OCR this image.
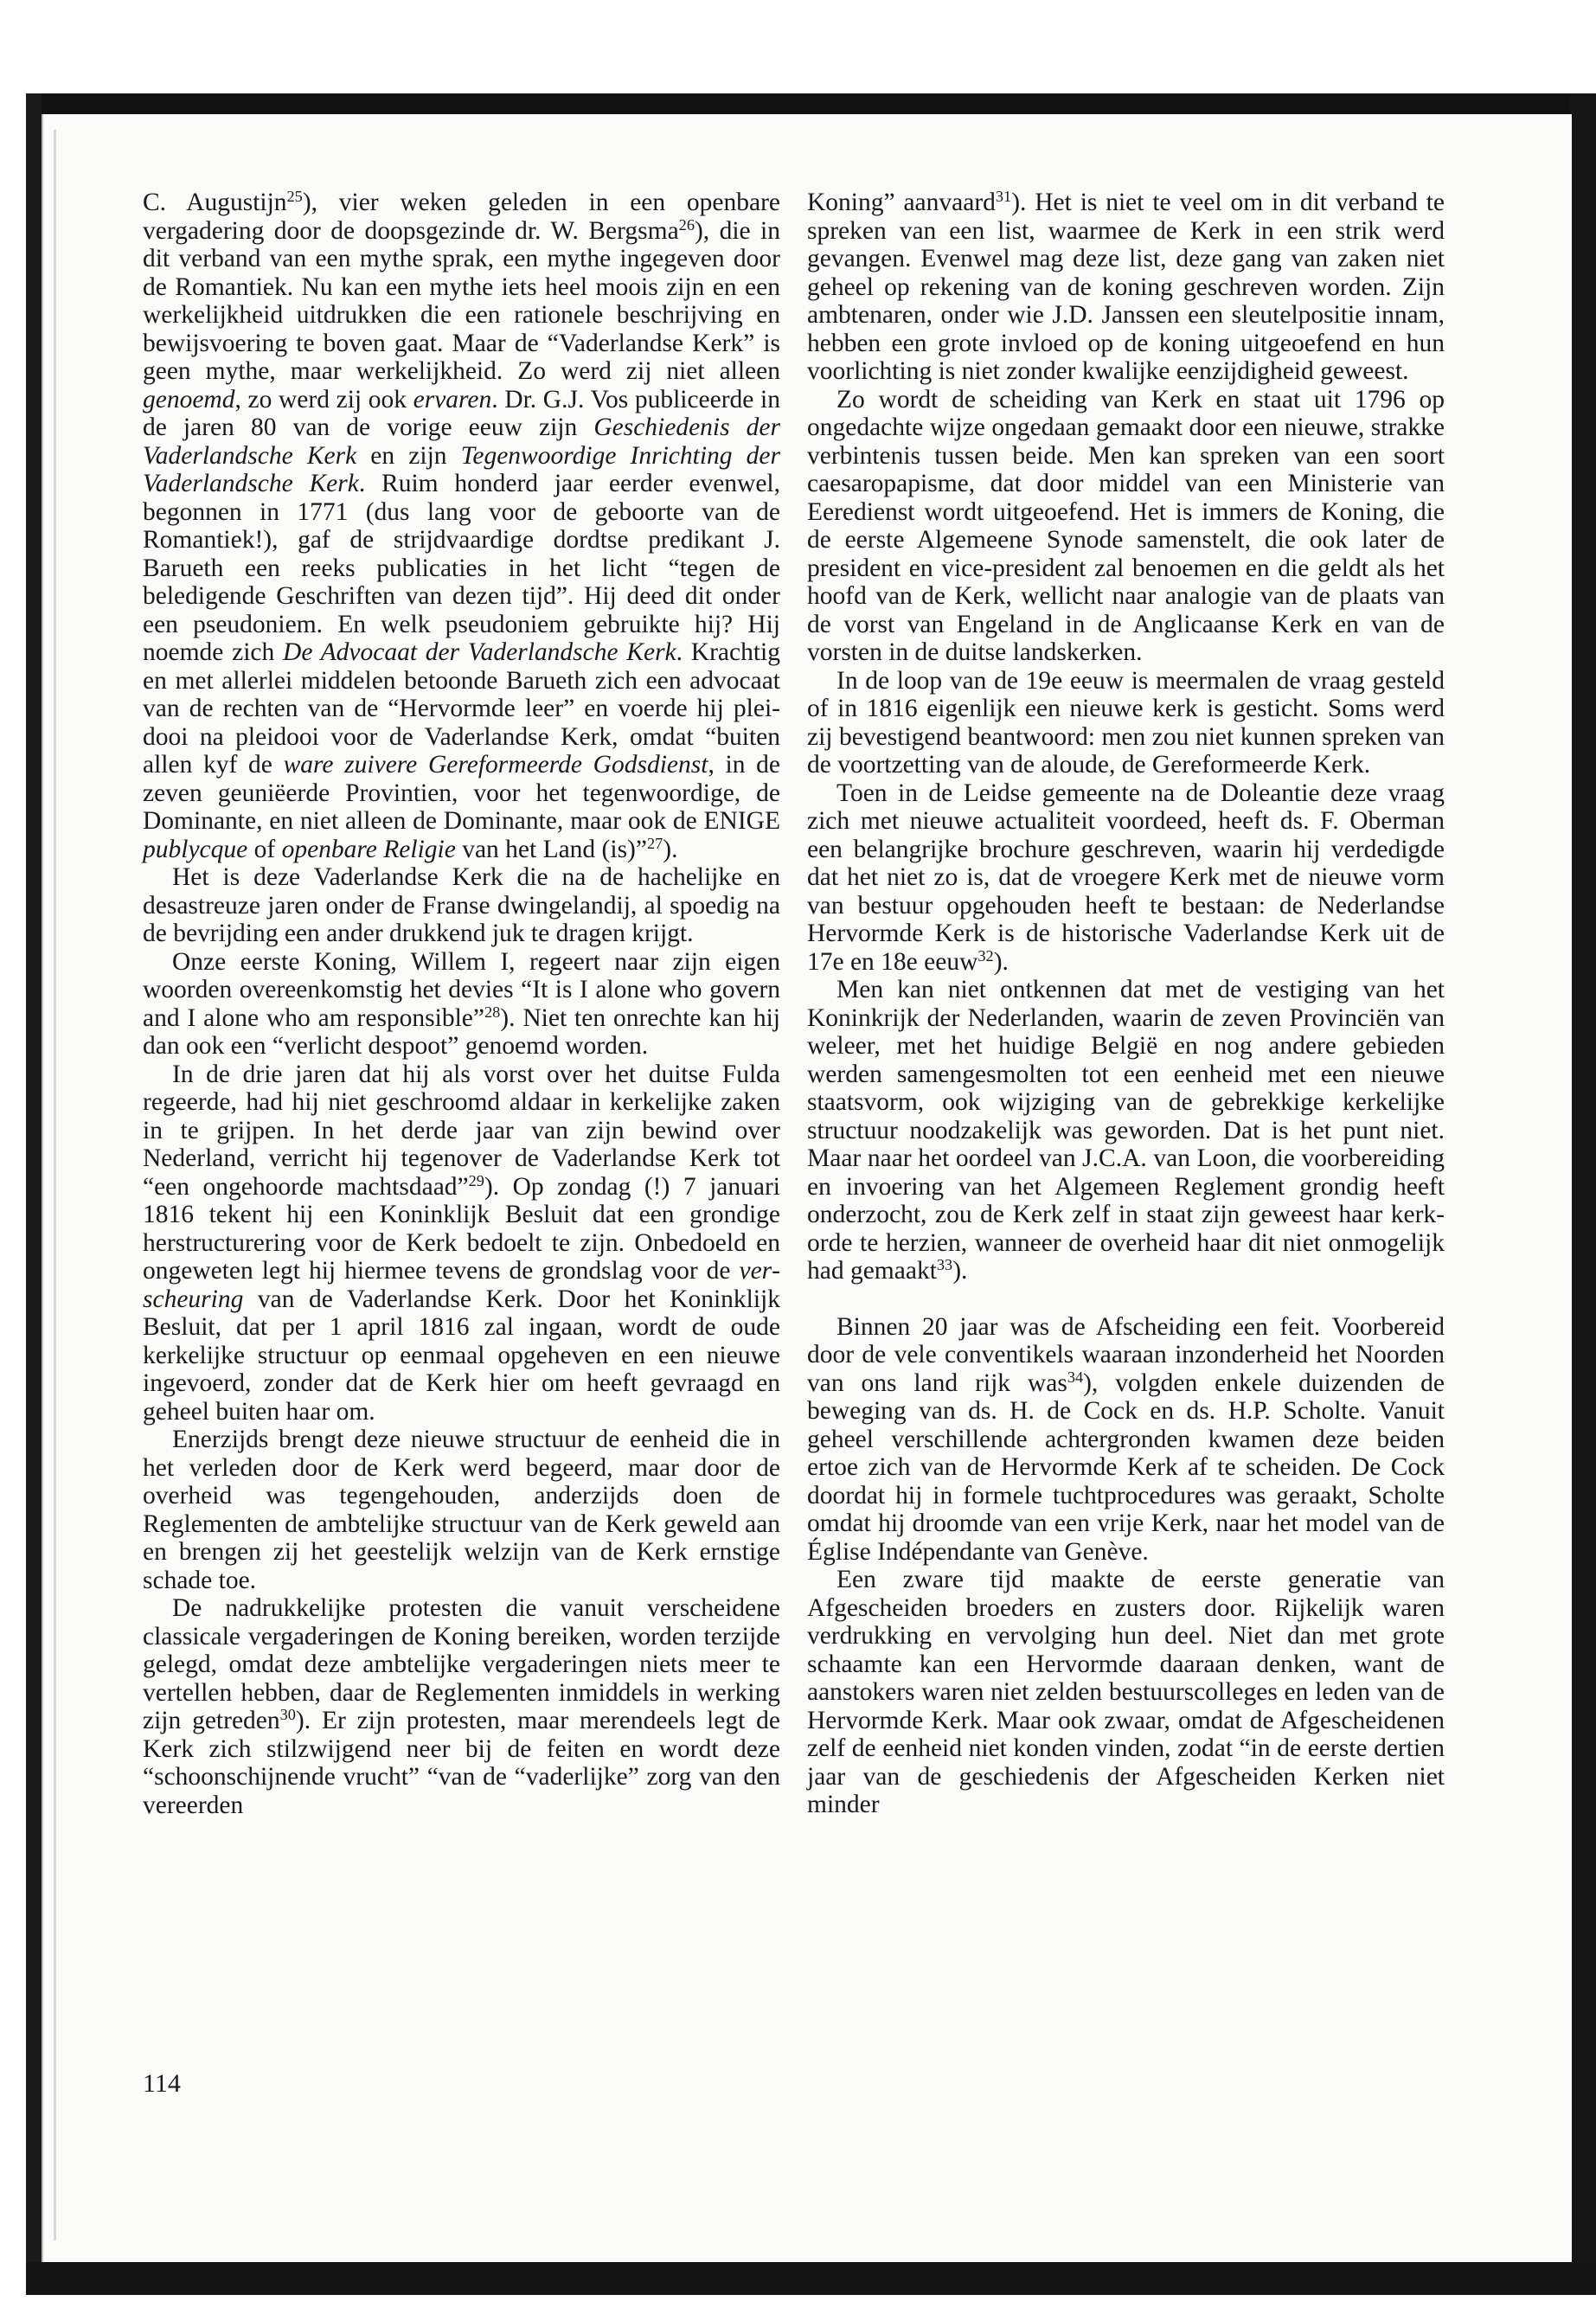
C. Augustijn$^{25}$), vier weken geleden in een openbare vergadering door de doopsgezinde dr. W. Bergsma$^{26}$), die in dit verband van een mythe sprak, een mythe ingegeven door de Romantiek. Nu kan een mythe iets heel moois zijn en een werkelijkheid uitdrukken die een rationele beschrijving en bewijsvoering te boven gaat. Maar de “Vaderlandse Kerk” is geen mythe, maar werkelijkheid. Zo werd zij niet alleen genoemd, zo werd zij ook ervaren. Dr. G.J. Vos publiceerde in de jaren 80 van de vorige eeuw zijn Geschiedenis der Vaderlandsche Kerk en zijn Tegenwoordige Inrichting der Vaderlandsche Kerk. Ruim honderd jaar eerder evenwel, begonnen in 1771 (dus lang voor de geboorte van de Romantiek!), gaf de strijdvaardige dordtse predikant J. Barueth een reeks publicaties in het licht “tegen de beledigende Geschriften van dezen tijd”. Hij deed dit onder een pseudoniem. En welk pseudoniem gebruikte hij? Hij noemde zich De Advocaat der Vaderlandsche Kerk. Krachtig en met allerlei middelen betoonde Barueth zich een advocaat van de rechten van de “Hervormde leer” en voerde hij pleidooi na pleidooi voor de Vaderlandse Kerk, omdat “buiten allen kyf de ware zuivere Gereformeerde Godsdienst, in de zeven geuniëerde Provintien, voor het tegenwoordige, de Dominante, en niet alleen de Dominante, maar ook de ENIGE publycque of openbare Religie van het Land (is)”$^{27}$).

Het is deze Vaderlandse Kerk die na de hachelijke en desastreuze jaren onder de Franse dwingelandij, al spoedig na de bevrijding een ander drukkend juk te dragen krijgt.

Onze eerste Koning, Willem I, regeert naar zijn eigen woorden overeenkomstig het devies “It is I alone who govern and I alone who am responsible”$^{28}$). Niet ten onrechte kan hij dan ook een “verlicht despoot” genoemd worden.

In de drie jaren dat hij als vorst over het duitse Fulda regeerde, had hij niet geschroomd aldaar in kerkelijke zaken in te grijpen. In het derde jaar van zijn bewind over Nederland, verricht hij tegenover de Vaderlandse Kerk tot “een ongehoorde machtsdaad”$^{29}$). Op zondag (!) 7 januari 1816 tekent hij een Koninklijk Besluit dat een grondige herstructurering voor de Kerk bedoelt te zijn. Onbedoeld en ongeweten legt hij hiermee tevens de grondslag voor de verscheuring van de Vaderlandse Kerk. Door het Koninklijk Besluit, dat per 1 april 1816 zal ingaan, wordt de oude kerkelijke structuur op eenmaal opgeheven en een nieuwe ingevoerd, zonder dat de Kerk hier om heeft gevraagd en geheel buiten haar om.

Enerzijds brengt deze nieuwe structuur de eenheid die in het verleden door de Kerk werd begeerd, maar door de overheid was tegengehouden, anderzijds doen de Reglementen de ambtelijke structuur van de Kerk geweld aan en brengen zij het geestelijk welzijn van de Kerk ernstige schade toe.

De nadrukkelijke protesten die vanuit verscheidene classicale vergaderingen de Koning bereiken, worden terzijde gelegd, omdat deze ambtelijke vergaderingen niets meer te vertellen hebben, daar de Reglementen inmiddels in werking zijn getreden$^{30}$). Er zijn protesten, maar merendeels legt de Kerk zich stilzwijgend neer bij de feiten en wordt deze “schoonschijnende vrucht” “van de “vaderlijke” zorg van den vereerden

Koning” aanvaard$^{31}$). Het is niet te veel om in dit verband te spreken van een list, waarmee de Kerk in een strik werd gevangen. Evenwel mag deze list, deze gang van zaken niet geheel op rekening van de koning geschreven worden. Zijn ambtenaren, onder wie J.D. Janssen een sleutelpositie innam, hebben een grote invloed op de koning uitgeoefend en hun voorlichting is niet zonder kwalijke eenzijdigheid geweest.

Zo wordt de scheiding van Kerk en staat uit 1796 op ongedachte wijze ongedaan gemaakt door een nieuwe, strakke verbintenis tussen beide. Men kan spreken van een soort caesaropapisme, dat door middel van een Ministerie van Eeredienst wordt uitgeoefend. Het is immers de Koning, die de eerste Algemeene Synode samenstelt, die ook later de president en vice-president zal benoemen en die geldt als het hoofd van de Kerk, wellicht naar analogie van de plaats van de vorst van Engeland in de Anglicaanse Kerk en van de vorsten in de duitse landskerken.

In de loop van de 19e eeuw is meermalen de vraag gesteld of in 1816 eigenlijk een nieuwe kerk is gesticht. Soms werd zij bevestigend beantwoord: men zou niet kunnen spreken van de voortzetting van de aloude, de Gereformeerde Kerk.

Toen in de Leidse gemeente na de Doleantie deze vraag zich met nieuwe actualiteit voordeed, heeft ds. F. Oberman een belangrijke brochure geschreven, waarin hij verdedigde dat het niet zo is, dat de vroegere Kerk met de nieuwe vorm van bestuur opgehouden heeft te bestaan: de Nederlandse Hervormde Kerk is de historische Vaderlandse Kerk uit de 17e en 18e eeuw$^{32}$).

Men kan niet ontkennen dat met de vestiging van het Koninkrijk der Nederlanden, waarin de zeven Provinciën van weleer, met het huidige België en nog andere gebieden werden samengesmolten tot een eenheid met een nieuwe staatsvorm, ook wijziging van de gebrekkige kerkelijke structuur noodzakelijk was geworden. Dat is het punt niet. Maar naar het oordeel van J.C.A. van Loon, die voorbereiding en invoering van het Algemeen Reglement grondig heeft onderzocht, zou de Kerk zelf in staat zijn geweest haar kerkorde te herzien, wanneer de overheid haar dit niet onmogelijk had gemaakt$^{33}$).

Binnen 20 jaar was de Afscheiding een feit. Voorbereid door de vele conventikels waaraan inzonderheid het Noorden van ons land rijk was$^{34}$), volgden enkele duizenden de beweging van ds. H. de Cock en ds. H.P. Scholte. Vanuit geheel verschillende achtergronden kwamen deze beiden ertoe zich van de Hervormde Kerk af te scheiden. De Cock doordat hij in formele tuchtprocedures was geraakt, Scholte omdat hij droomde van een vrije Kerk, naar het model van de Église Indépendante van Genève.

Een zware tijd maakte de eerste generatie van Afgescheiden broeders en zusters door. Rijkelijk waren verdrukking en vervolging hun deel. Niet dan met grote schaamte kan een Hervormde daaraan denken, want de aanstokers waren niet zelden bestuurscolleges en leden van de Hervormde Kerk. Maar ook zwaar, omdat de Afgescheidenen zelf de eenheid niet konden vinden, zodat “in de eerste dertien jaar van de geschiedenis der Afgescheiden Kerken niet minder

114
